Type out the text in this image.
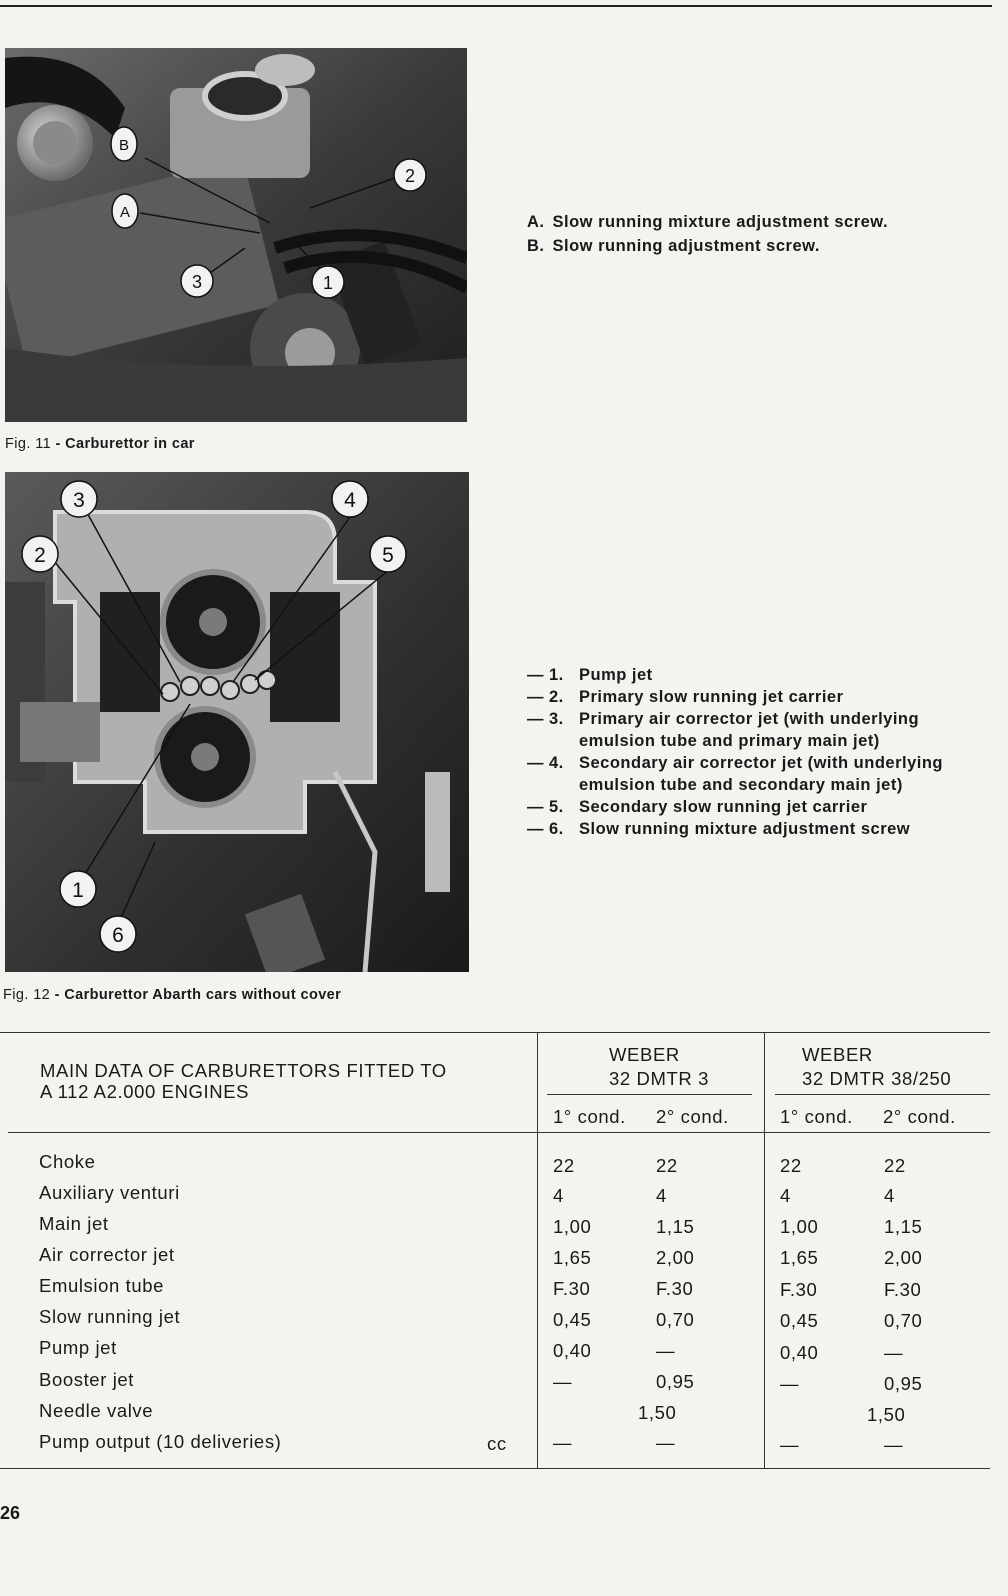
B
A
3	1
2
Fig. 11 - Carburettor in car
A. Slow running mixture adjustment screw.
B. Slow running adjustment screw.
3	4
2	5
1
6
Fig. 12 - Carburettor Abarth cars without cover
— 1. Pump jet
— 2. Primary slow running jet carrier
— 3. Primary air corrector jet (with underlying
emulsion tube and primary main jet)
— 4. Secondary air corrector jet (with underlying
emulsion tube and secondary main jet)
— 5. Secondary slow running jet carrier
— 6. Slow running mixture adjustment screw
MAIN DATA OF CARBURETTORS FITTED TO
A 112 A2.000 ENGINES
WEBER
32 DMTR 3
1° cond. 2° cond.
WEBER
32 DMTR 38/250
1° cond. 2° cond.
Choke	22	22	22	22
Auxiliary venturi	4	4	4	4
Main jet	1,00	1,15	1,00	1,15
Air corrector jet	1,65	2,00	1,65	2,00
Emulsion tube	F.30	F.30	F.30	F.30
Slow running jet	0,45	0,70	0,45	0,70
Pump jet	0,40	—	0,40	—
Booster jet	—	0,95	—	0,95
Needle valve	1,50	1,50
Pump output (10 deliveries)	cc	—	—	—	—
26
